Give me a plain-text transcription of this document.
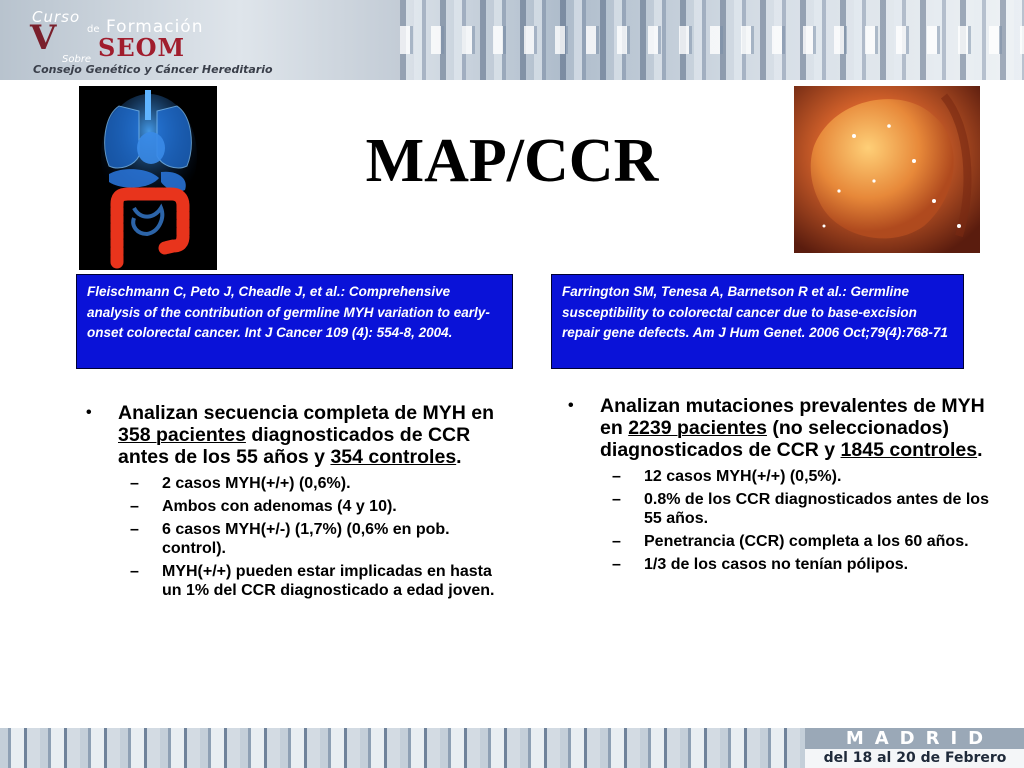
Curso
V	de Formación
SEOM
Sobre
Consejo Genético y Cáncer Hereditario
MAP/CCR
Fleischmann C, Peto J, Cheadle J, et al.: Comprehensive analysis of the contribution of germline MYH variation to early-onset colorectal cancer. Int J Cancer 109 (4): 554-8, 2004.
Farrington SM, Tenesa A, Barnetson R et al.: Germline susceptibility to colorectal cancer due to base-excision repair gene defects. Am J Hum Genet. 2006 Oct;79(4):768-71
• Analizan secuencia completa de MYH en 358 pacientes diagnosticados de CCR antes de los 55 años y 354 controles.
– 2 casos MYH(+/+) (0,6%).
– Ambos con adenomas (4 y 10).
– 6 casos MYH(+/-) (1,7%) (0,6% en pob. control).
– MYH(+/+) pueden estar implicadas en hasta un 1% del CCR diagnosticado a edad joven.
• Analizan mutaciones prevalentes de MYH en 2239 pacientes (no seleccionados) diagnosticados de CCR y 1845 controles.
– 12 casos MYH(+/+) (0,5%).
– 0.8% de los CCR diagnosticados antes de los 55 años.
– Penetrancia (CCR) completa a los 60 años.
– 1/3 de los casos no tenían pólipos.
MADRID
del 18 al 20 de Febrero
